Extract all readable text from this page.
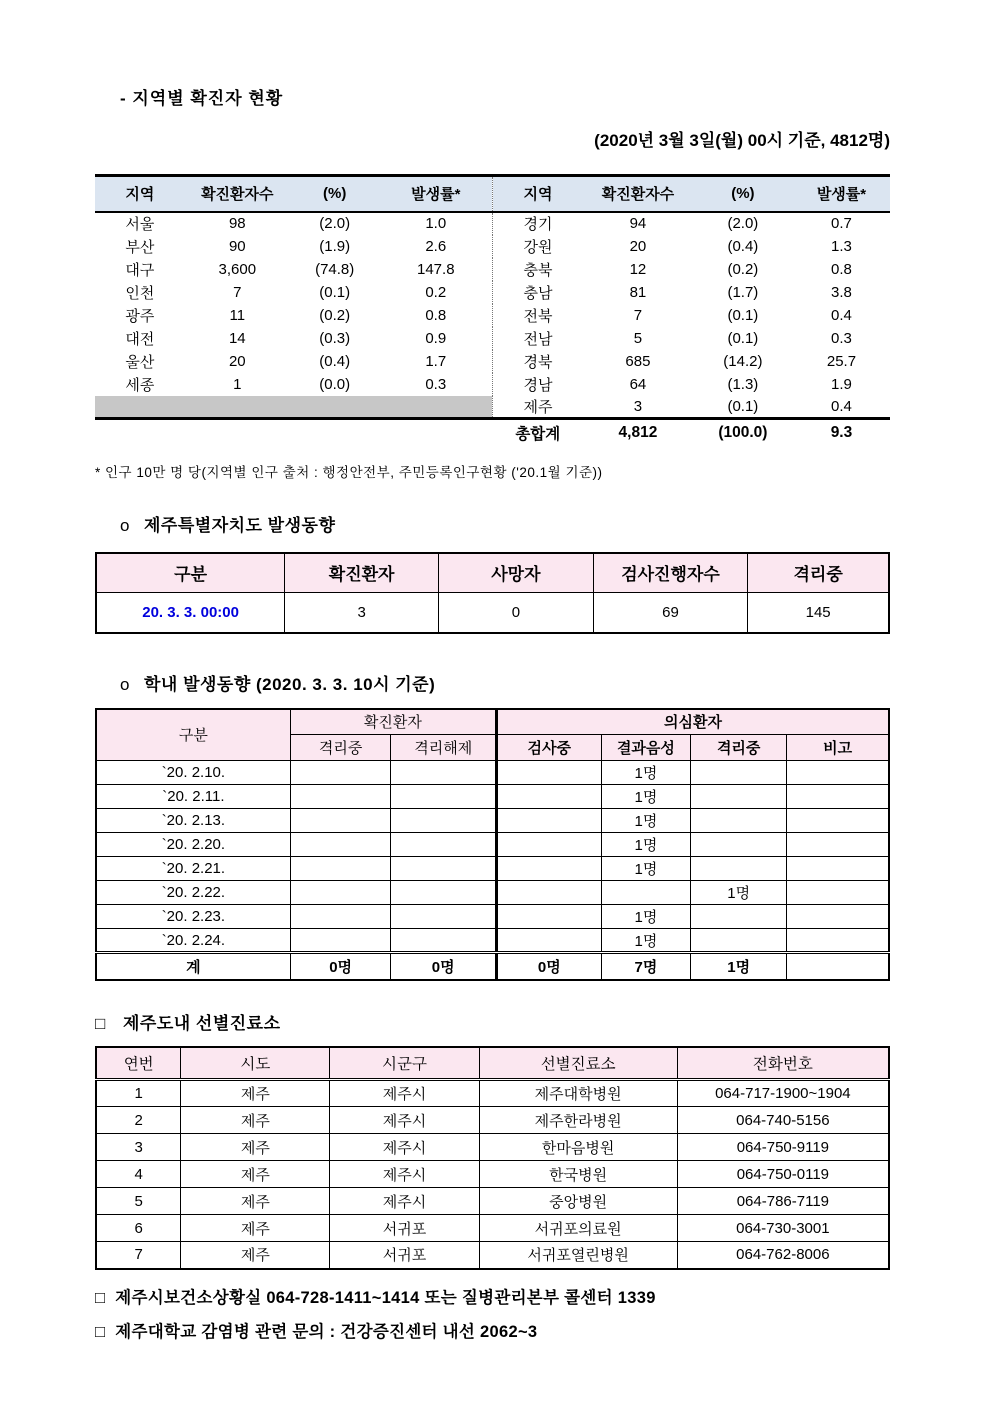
- 지역별 확진자 현황
(2020년 3월 3일(월) 00시 기준, 4812명)
지역	확진환자수	(%)	발생률*	지역	확진환자수	(%)	발생률*
서울	98	(2.0)	1.0	경기	94	(2.0)	0.7
부산	90	(1.9)	2.6	강원	20	(0.4)	1.3
대구	3,600	(74.8)	147.8	충북	12	(0.2)	0.8
인천	7	(0.1)	0.2	충남	81	(1.7)	3.8
광주	11	(0.2)	0.8	전북	7	(0.1)	0.4
대전	14	(0.3)	0.9	전남	5	(0.1)	0.3
울산	20	(0.4)	1.7	경북	685	(14.2)	25.7
세종	1	(0.0)	0.3	경남	64	(1.3)	1.9
				제주	3	(0.1)	0.4
				총합계	4,812	(100.0)	9.3
* 인구 10만 명 당(지역별 인구 출처 : 행정안전부, 주민등록인구현황 ('20.1월 기준))
o 제주특별자치도 발생동향
구분	확진환자	사망자	검사진행자수	격리중
20. 3. 3. 00:00	3	0	69	145
o 학내 발생동향 (2020. 3. 3. 10시 기준)
구분	확진환자		의심환자			
	격리중	격리해제	검사중	결과음성	격리중	비고
`20. 2.10.				1명		
`20. 2.11.				1명		
`20. 2.13.				1명		
`20. 2.20.				1명		
`20. 2.21.				1명		
`20. 2.22.					1명	
`20. 2.23.				1명		
`20. 2.24.				1명		
계	0명	0명	0명	7명	1명	
□ 제주도내 선별진료소
연번	시도	시군구	선별진료소	전화번호
1	제주	제주시	제주대학병원	064-717-1900~1904
2	제주	제주시	제주한라병원	064-740-5156
3	제주	제주시	한마음병원	064-750-9119
4	제주	제주시	한국병원	064-750-0119
5	제주	제주시	중앙병원	064-786-7119
6	제주	서귀포	서귀포의료원	064-730-3001
7	제주	서귀포	서귀포열린병원	064-762-8006
□ 제주시보건소상황실 064-728-1411~1414 또는 질병관리본부 콜센터 1339
□ 제주대학교 감염병 관련 문의 : 건강증진센터 내선 2062~3
